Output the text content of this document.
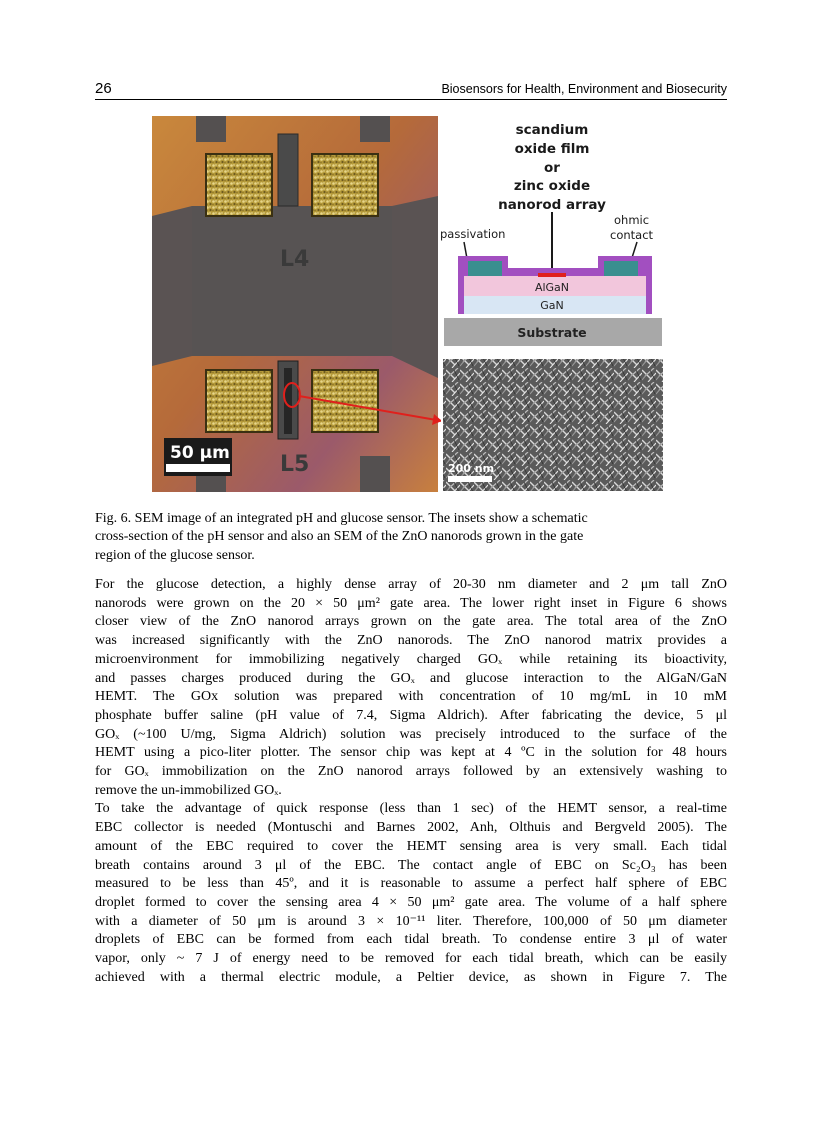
26	Biosensors for Health, Environment and Biosecurity
L4
L5
50 µm
scandium
oxide film
or
zinc oxide
nanorod array
passivation
ohmic
contact
Substrate
GaN
AlGaN
200 nm
Fig. 6. SEM image of an integrated pH and glucose sensor. The insets show a schematic
cross-section of the pH sensor and also an SEM of the ZnO nanorods grown in the gate
region of the glucose sensor.

For the glucose detection, a highly dense array of 20-30 nm diameter and 2 μm tall ZnO
nanorods were grown on the 20 × 50 μm² gate area. The lower right inset in Figure 6 shows
closer view of the ZnO nanorod arrays grown on the gate area. The total area of the ZnO
was increased significantly with the ZnO nanorods. The ZnO nanorod matrix provides a
microenvironment for immobilizing negatively charged GOₓ while retaining its bioactivity,
and passes charges produced during the GOₓ and glucose interaction to the AlGaN/GaN
HEMT. The GOx solution was prepared with concentration of 10 mg/mL in 10 mM
phosphate buffer saline (pH value of 7.4, Sigma Aldrich). After fabricating the device, 5 μl
GOₓ (~100 U/mg, Sigma Aldrich) solution was precisely introduced to the surface of the
HEMT using a pico-liter plotter. The sensor chip was kept at 4 ºC in the solution for 48 hours
for GOₓ immobilization on the ZnO nanorod arrays followed by an extensively washing to
remove the un-immobilized GOₓ.

To take the advantage of quick response (less than 1 sec) of the HEMT sensor, a real-time
EBC collector is needed (Montuschi and Barnes 2002, Anh, Olthuis and Bergveld 2005). The
amount of the EBC required to cover the HEMT sensing area is very small. Each tidal
breath contains around 3 μl of the EBC. The contact angle of EBC on Sc₂O₃ has been
measured to be less than 45º, and it is reasonable to assume a perfect half sphere of EBC
droplet formed to cover the sensing area 4 × 50 μm² gate area. The volume of a half sphere
with a diameter of 50 μm is around 3 × 10⁻¹¹ liter. Therefore, 100,000 of 50 μm diameter
droplets of EBC can be formed from each tidal breath. To condense entire 3 μl of water
vapor, only ~ 7 J of energy need to be removed for each tidal breath, which can be easily
achieved with a thermal electric module, a Peltier device, as shown in Figure 7. The
